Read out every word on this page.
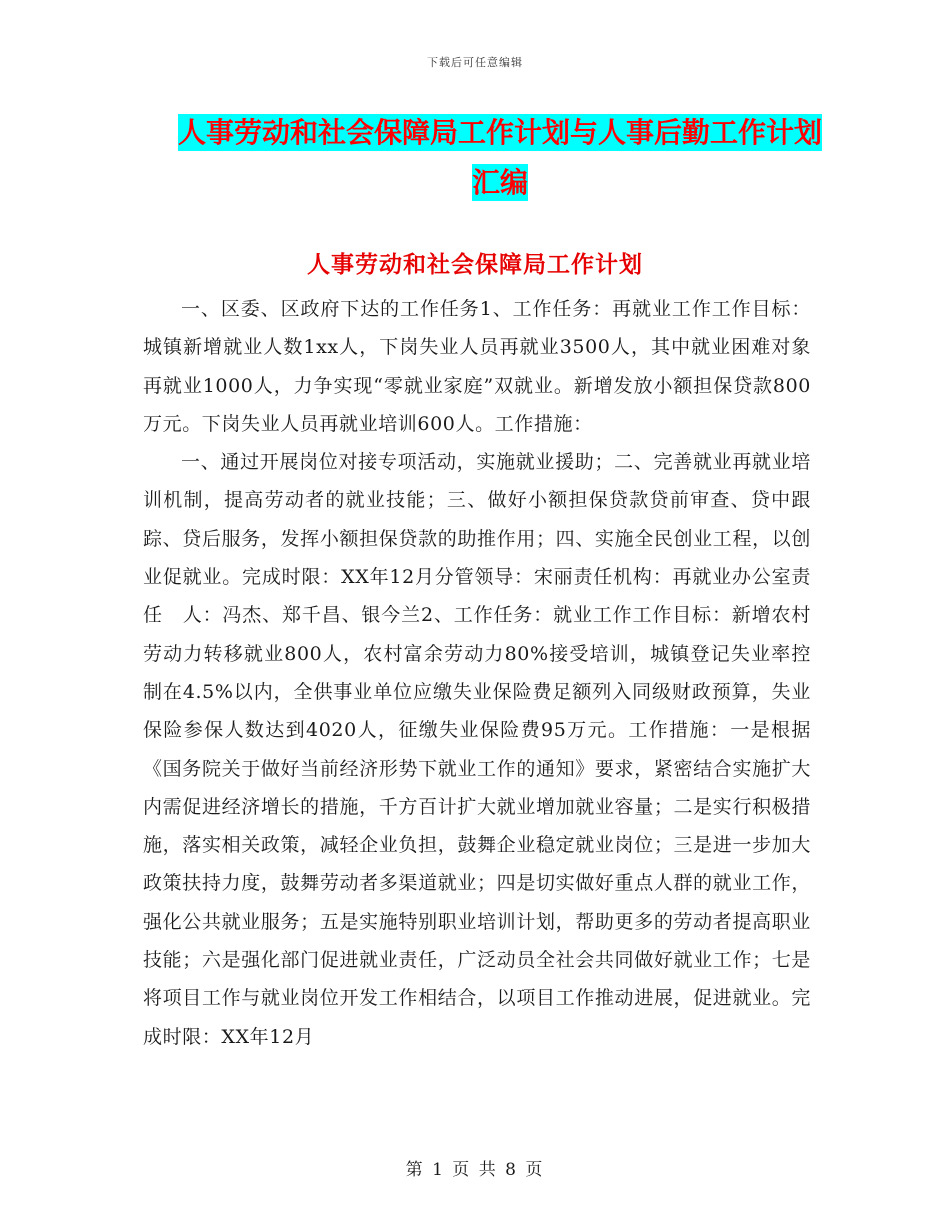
下载后可任意编辑
人事劳动和社会保障局工作计划与人事后勤工作计划
汇编
人事劳动和社会保障局工作计划

一、区委、区政府下达的工作任务1、工作任务：再就业工作工作目标：城镇新增就业人数1xx人，下岗失业人员再就业3500人，其中就业困难对象再就业1000人，力争实现“零就业家庭”双就业。新增发放小额担保贷款800万元。下岗失业人员再就业培训600人。工作措施：

一、通过开展岗位对接专项活动，实施就业援助；二、完善就业再就业培训机制，提高劳动者的就业技能；三、做好小额担保贷款贷前审查、贷中跟踪、贷后服务，发挥小额担保贷款的助推作用；四、实施全民创业工程，以创业促就业。完成时限：XX年12月分管领导：宋丽责任机构：再就业办公室责　任　人：冯杰、郑千昌、银今兰2、工作任务：就业工作工作目标：新增农村劳动力转移就业800人，农村富余劳动力80%接受培训，城镇登记失业率控制在4.5%以内，全供事业单位应缴失业保险费足额列入同级财政预算，失业保险参保人数达到4020人，征缴失业保险费95万元。工作措施：一是根据《国务院关于做好当前经济形势下就业工作的通知》要求，紧密结合实施扩大内需促进经济增长的措施，千方百计扩大就业增加就业容量；二是实行积极措施，落实相关政策，减轻企业负担，鼓舞企业稳定就业岗位；三是进一步加大政策扶持力度，鼓舞劳动者多渠道就业；四是切实做好重点人群的就业工作，强化公共就业服务；五是实施特别职业培训计划，帮助更多的劳动者提高职业技能；六是强化部门促进就业责任，广泛动员全社会共同做好就业工作；七是将项目工作与就业岗位开发工作相结合，以项目工作推动进展，促进就业。完成时限：XX年12月

第 1 页 共 8 页
